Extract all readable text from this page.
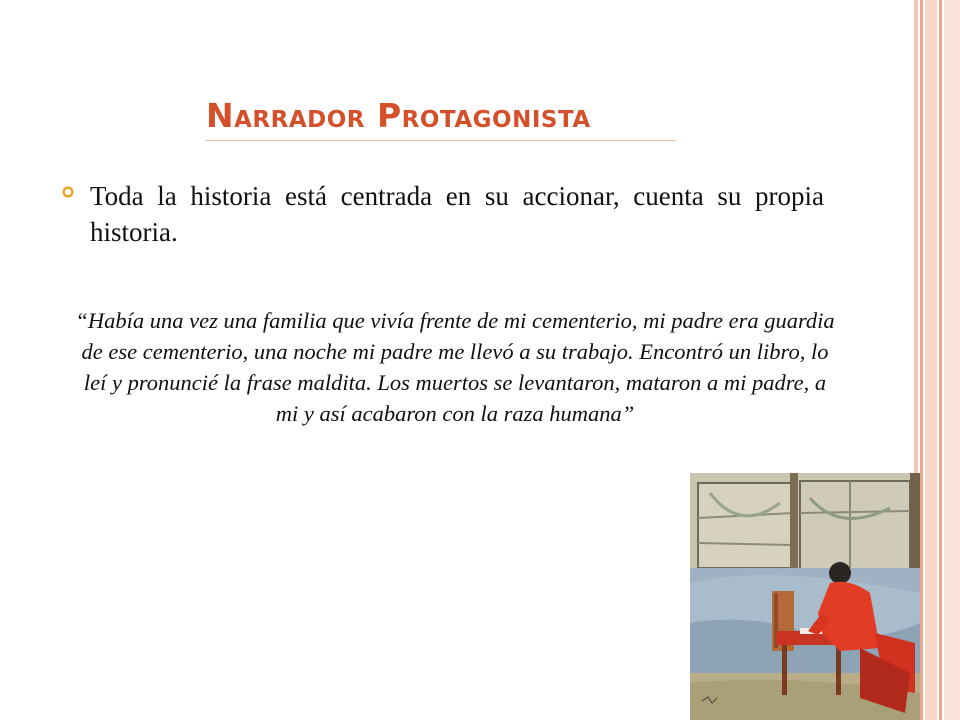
Narrador Protagonista
Toda la historia está centrada en su accionar, cuenta su propia historia.
“Había una vez una familia que vivía frente de mi cementerio, mi padre era guardia de ese cementerio, una noche mi padre me llevó a su trabajo. Encontró un libro, lo leí y pronuncié la frase maldita. Los muertos se levantaron, mataron a mi padre, a mi y así acabaron con la raza humana”
